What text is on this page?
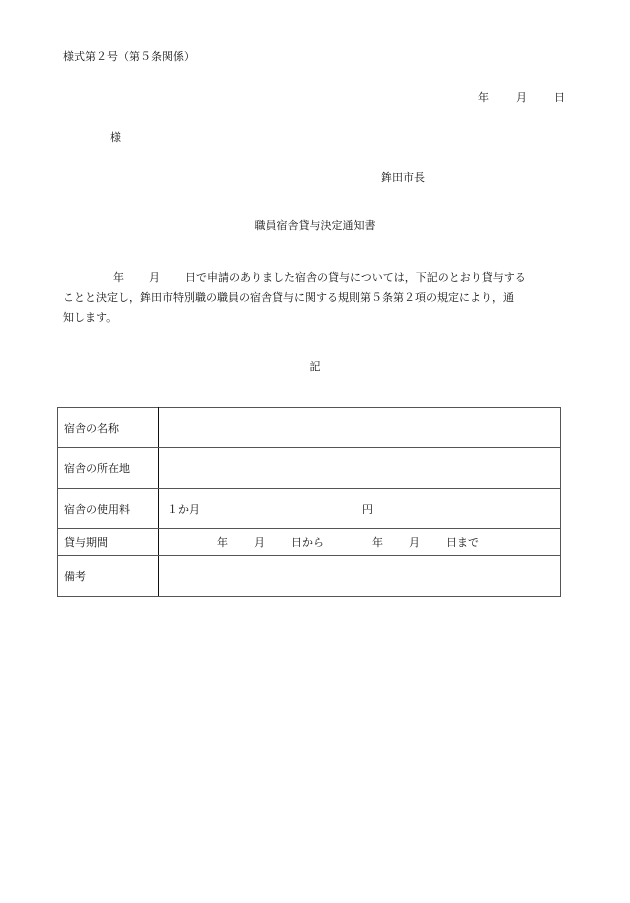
様式第２号（第５条関係）
年 月 日
様
鉾田市長
職員宿舎貸与決定通知書
年 月 日で申請のありました宿舎の貸与については，下記のとおり貸与する
ことと決定し，鉾田市特別職の職員の宿舎貸与に関する規則第５条第２項の規定により，通
知します。
記
宿舎の名称	
宿舎の所在地	
宿舎の使用料	１か月 円
貸与期間	年 月 日から 年 月 日まで
備考	
